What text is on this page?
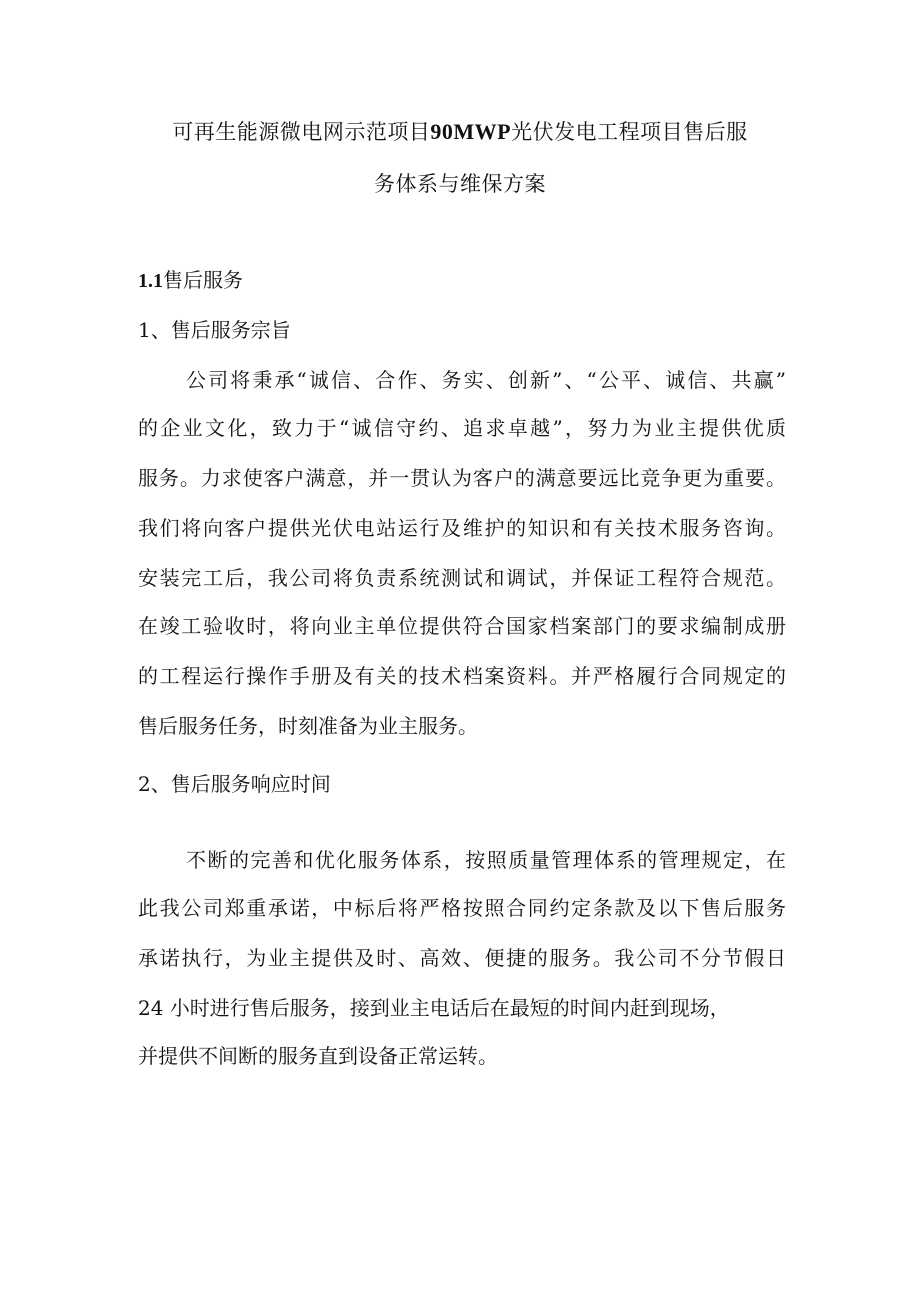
可再生能源微电网示范项目90MWP光伏发电工程项目售后服
务体系与维保方案
1.1售后服务
1、售后服务宗旨
公司将秉承“诚信、合作、务实、创新”、“公平、诚信、共赢”
的企业文化，致力于“诚信守约、追求卓越”，努力为业主提供优质
服务。力求使客户满意，并一贯认为客户的满意要远比竞争更为重要。
我们将向客户提供光伏电站运行及维护的知识和有关技术服务咨询。
安装完工后，我公司将负责系统测试和调试，并保证工程符合规范。
在竣工验收时，将向业主单位提供符合国家档案部门的要求编制成册
的工程运行操作手册及有关的技术档案资料。并严格履行合同规定的
售后服务任务，时刻准备为业主服务。
2、售后服务响应时间
不断的完善和优化服务体系，按照质量管理体系的管理规定，在
此我公司郑重承诺，中标后将严格按照合同约定条款及以下售后服务
承诺执行，为业主提供及时、高效、便捷的服务。我公司不分节假日
24 小时进行售后服务，接到业主电话后在最短的时间内赶到现场，
并提供不间断的服务直到设备正常运转。
